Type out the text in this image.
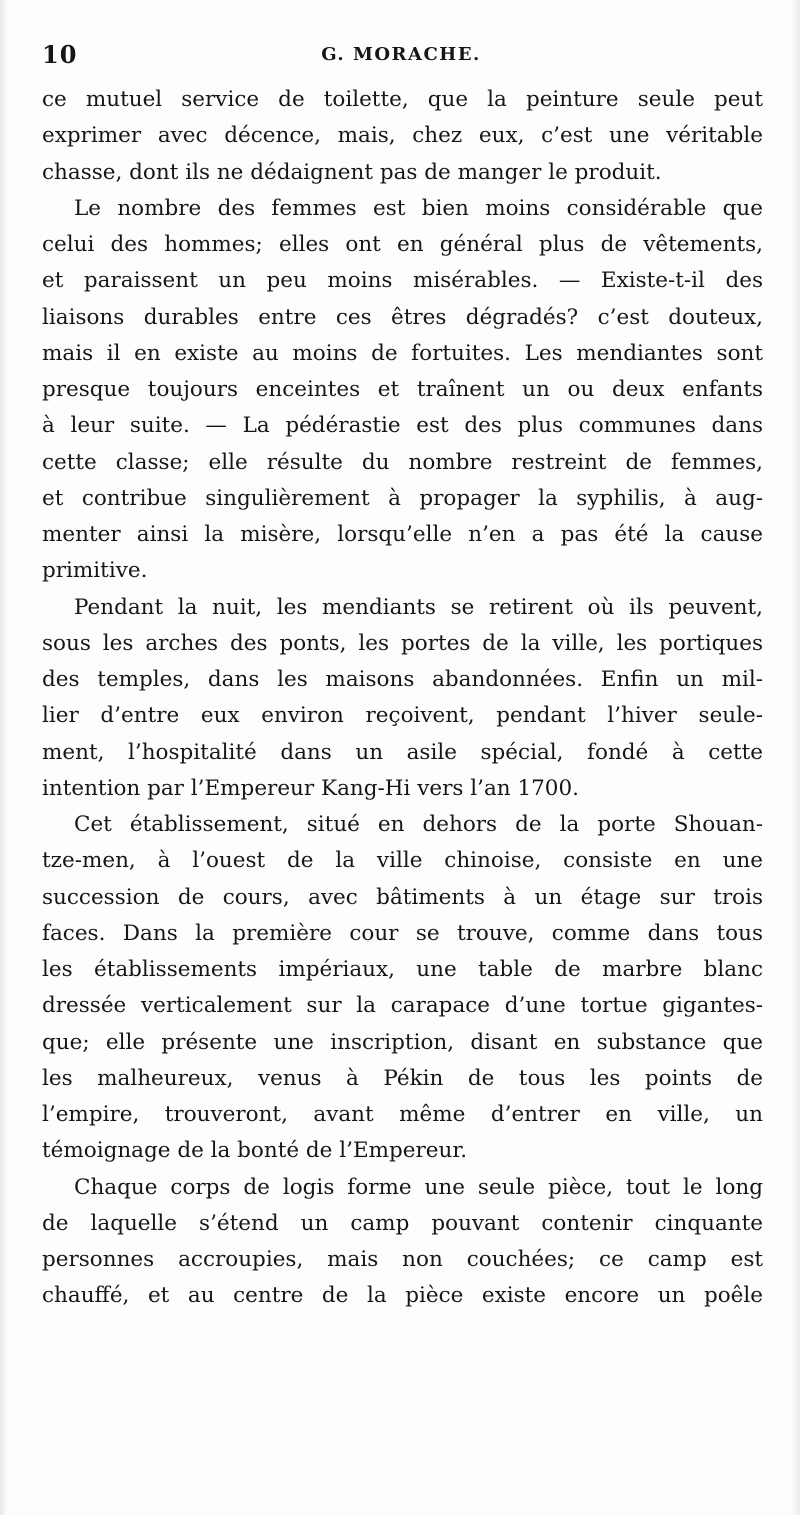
10	G. MORACHE.
ce mutuel service de toilette, que la peinture seule peut
exprimer avec décence, mais, chez eux, c’est une véritable
chasse, dont ils ne dédaignent pas de manger le produit.
Le nombre des femmes est bien moins considérable que
celui des hommes; elles ont en général plus de vêtements,
et paraissent un peu moins misérables. — Existe-t-il des
liaisons durables entre ces êtres dégradés? c’est douteux,
mais il en existe au moins de fortuites. Les mendiantes sont
presque toujours enceintes et traînent un ou deux enfants
à leur suite. — La pédérastie est des plus communes dans
cette classe; elle résulte du nombre restreint de femmes,
et contribue singulièrement à propager la syphilis, à aug-
menter ainsi la misère, lorsqu’elle n’en a pas été la cause
primitive.
Pendant la nuit, les mendiants se retirent où ils peuvent,
sous les arches des ponts, les portes de la ville, les portiques
des temples, dans les maisons abandonnées. Enfin un mil-
lier d’entre eux environ reçoivent, pendant l’hiver seule-
ment, l’hospitalité dans un asile spécial, fondé à cette
intention par l’Empereur Kang-Hi vers l’an 1700.
Cet établissement, situé en dehors de la porte Shouan-
tze-men, à l’ouest de la ville chinoise, consiste en une
succession de cours, avec bâtiments à un étage sur trois
faces. Dans la première cour se trouve, comme dans tous
les établissements impériaux, une table de marbre blanc
dressée verticalement sur la carapace d’une tortue gigantes-
que; elle présente une inscription, disant en substance que
les malheureux, venus à Pékin de tous les points de
l’empire, trouveront, avant même d’entrer en ville, un
témoignage de la bonté de l’Empereur.
Chaque corps de logis forme une seule pièce, tout le long
de laquelle s’étend un camp pouvant contenir cinquante
personnes accroupies, mais non couchées; ce camp est
chauffé, et au centre de la pièce existe encore un poêle
